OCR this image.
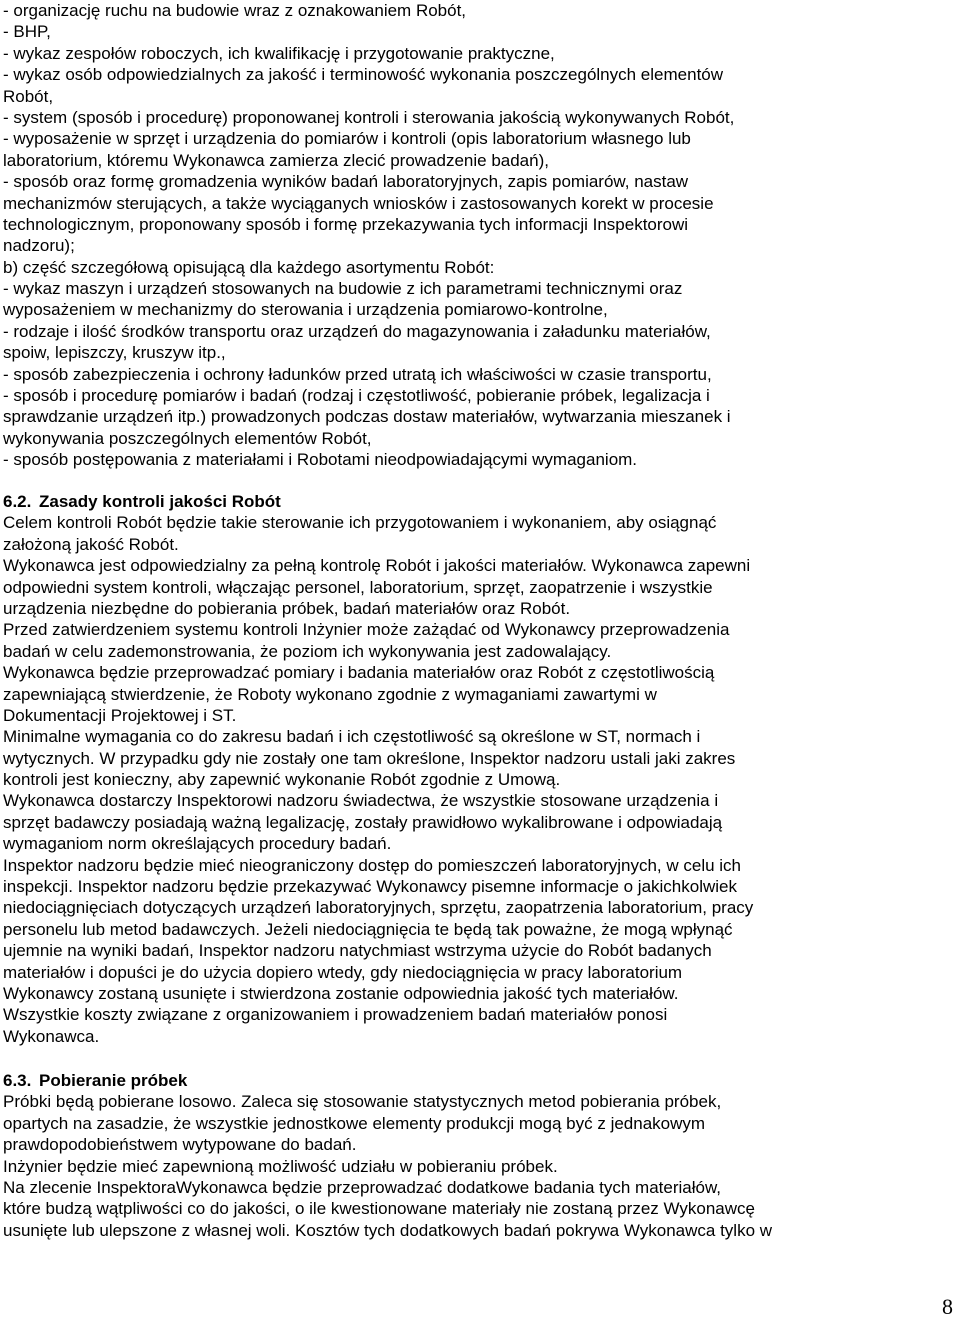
- organizację ruchu na budowie wraz z oznakowaniem Robót,
- BHP,
- wykaz zespołów roboczych, ich kwalifikację i przygotowanie praktyczne,
- wykaz osób odpowiedzialnych za jakość i terminowość wykonania poszczególnych elementów
Robót,
- system (sposób i procedurę) proponowanej kontroli i sterowania jakością wykonywanych Robót,
- wyposażenie w sprzęt i urządzenia do pomiarów i kontroli (opis laboratorium własnego lub
laboratorium, któremu Wykonawca zamierza zlecić prowadzenie badań),
- sposób oraz formę gromadzenia wyników badań laboratoryjnych, zapis pomiarów, nastaw
mechanizmów sterujących, a także wyciąganych wniosków i zastosowanych korekt w procesie
technologicznym, proponowany sposób i formę przekazywania tych informacji Inspektorowi
nadzoru);
b) część szczegółową opisującą dla każdego asortymentu Robót:
- wykaz maszyn i urządzeń stosowanych na budowie z ich parametrami technicznymi oraz
wyposażeniem w mechanizmy do sterowania i urządzenia pomiarowo-kontrolne,
- rodzaje i ilość środków transportu oraz urządzeń do magazynowania i załadunku materiałów,
spoiw, lepiszczy, kruszyw itp.,
- sposób zabezpieczenia i ochrony ładunków przed utratą ich właściwości w czasie transportu,
- sposób i procedurę pomiarów i badań (rodzaj i częstotliwość, pobieranie próbek, legalizacja i
sprawdzanie urządzeń itp.) prowadzonych podczas dostaw materiałów, wytwarzania mieszanek i
wykonywania poszczególnych elementów Robót,
- sposób postępowania z materiałami i Robotami nieodpowiadającymi wymaganiom.
6.2. Zasady kontroli jakości Robót
Celem kontroli Robót będzie takie sterowanie ich przygotowaniem i wykonaniem, aby osiągnąć
założoną jakość Robót.
Wykonawca jest odpowiedzialny za pełną kontrolę Robót i jakości materiałów. Wykonawca zapewni
odpowiedni system kontroli, włączając personel, laboratorium, sprzęt, zaopatrzenie i wszystkie
urządzenia niezbędne do pobierania próbek, badań materiałów oraz Robót.
Przed zatwierdzeniem systemu kontroli Inżynier może zażądać od Wykonawcy przeprowadzenia
badań w celu zademonstrowania, że poziom ich wykonywania jest zadowalający.
Wykonawca będzie przeprowadzać pomiary i badania materiałów oraz Robót z częstotliwością
zapewniającą stwierdzenie, że Roboty wykonano zgodnie z wymaganiami zawartymi w
Dokumentacji Projektowej i ST.
Minimalne wymagania co do zakresu badań i ich częstotliwość są określone w ST, normach i
wytycznych. W przypadku gdy nie zostały one tam określone, Inspektor nadzoru ustali jaki zakres
kontroli jest konieczny, aby zapewnić wykonanie Robót zgodnie z Umową.
Wykonawca dostarczy Inspektorowi nadzoru świadectwa, że wszystkie stosowane urządzenia i
sprzęt badawczy posiadają ważną legalizację, zostały prawidłowo wykalibrowane i odpowiadają
wymaganiom norm określających procedury badań.
Inspektor nadzoru będzie mieć nieograniczony dostęp do pomieszczeń laboratoryjnych, w celu ich
inspekcji. Inspektor nadzoru będzie przekazywać Wykonawcy pisemne informacje o jakichkolwiek
niedociągnięciach dotyczących urządzeń laboratoryjnych, sprzętu, zaopatrzenia laboratorium, pracy
personelu lub metod badawczych. Jeżeli niedociągnięcia te będą tak poważne, że mogą wpłynąć
ujemnie na wyniki badań, Inspektor nadzoru natychmiast wstrzyma użycie do Robót badanych
materiałów i dopuści je do użycia dopiero wtedy, gdy niedociągnięcia w pracy laboratorium
Wykonawcy zostaną usunięte i stwierdzona zostanie odpowiednia jakość tych materiałów.
Wszystkie koszty związane z organizowaniem i prowadzeniem badań materiałów ponosi
Wykonawca.
6.3. Pobieranie próbek
Próbki będą pobierane losowo. Zaleca się stosowanie statystycznych metod pobierania próbek,
opartych na zasadzie, że wszystkie jednostkowe elementy produkcji mogą być z jednakowym
prawdopodobieństwem wytypowane do badań.
Inżynier będzie mieć zapewnioną możliwość udziału w pobieraniu próbek.
Na zlecenie InspektoraWykonawca będzie przeprowadzać dodatkowe badania tych materiałów,
które budzą wątpliwości co do jakości, o ile kwestionowane materiały nie zostaną przez Wykonawcę
usunięte lub ulepszone z własnej woli. Kosztów tych dodatkowych badań pokrywa Wykonawca tylko w
8
